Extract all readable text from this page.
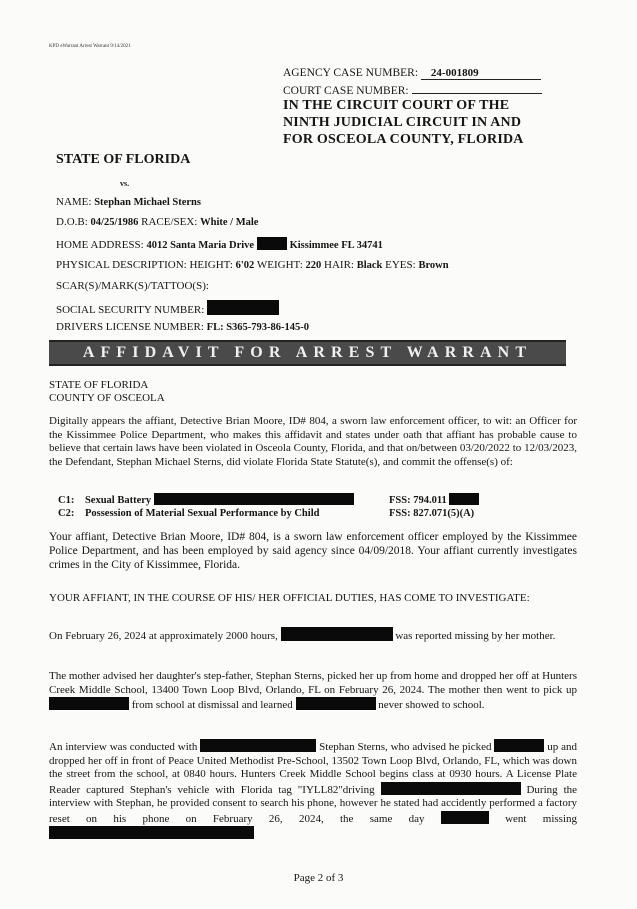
KPD eWarrant Arrest Warrant 9/14/2021
AGENCY CASE NUMBER: 24-001809
COURT CASE NUMBER:
IN THE CIRCUIT COURT OF THE
NINTH JUDICIAL CIRCUIT IN AND
FOR OSCEOLA COUNTY, FLORIDA
STATE OF FLORIDA
vs.
NAME: Stephan Michael Sterns
D.O.B: 04/25/1986 RACE/SEX: White / Male
HOME ADDRESS: 4012 Santa Maria Drive	Kissimmee FL 34741
PHYSICAL DESCRIPTION: HEIGHT: 6'02 WEIGHT: 220 HAIR: Black EYES: Brown
SCAR(S)/MARK(S)/TATTOO(S):
SOCIAL SECURITY NUMBER:
DRIVERS LICENSE NUMBER: FL: S365-793-86-145-0
AFFIDAVIT FOR ARREST WARRANT
STATE OF FLORIDA
COUNTY OF OSCEOLA
Digitally appears the affiant, Detective Brian Moore, ID# 804, a sworn law enforcement officer, to wit: an Officer for the Kissimmee Police Department, who makes this affidavit and states under oath that affiant has probable cause to believe that certain laws have been violated in Osceola County, Florida, and that on/between 03/20/2022 to 12/03/2023, the Defendant, Stephan Michael Sterns, did violate Florida State Statute(s), and commit the offense(s) of:
C1: Sexual Battery	FSS: 794.011
C2: Possession of Material Sexual Performance by Child	FSS: 827.071(5)(A)
Your affiant, Detective Brian Moore, ID# 804, is a sworn law enforcement officer employed by the Kissimmee Police Department, and has been employed by said agency since 04/09/2018. Your affiant currently investigates crimes in the City of Kissimmee, Florida.
YOUR AFFIANT, IN THE COURSE OF HIS/ HER OFFICIAL DUTIES, HAS COME TO INVESTIGATE:
On February 26, 2024 at approximately 2000 hours,	was reported missing by her mother.
The mother advised her daughter's step-father, Stephan Sterns, picked her up from home and dropped her off at Hunters Creek Middle School, 13400 Town Loop Blvd, Orlando, FL on February 26, 2024. The mother then went to pick up  from school at dismissal and learned	never showed to school.
An interview was conducted with	Stephan Sterns, who advised he picked	up and dropped her off in front of Peace United Methodist Pre-School, 13502 Town Loop Blvd, Orlando, FL, which was down the street from the school, at 0840 hours. Hunters Creek Middle School begins class at 0930 hours. A License Plate Reader captured Stephan's vehicle with Florida tag "IYLL82"driving	During the interview with Stephan, he provided consent to search his phone, however he stated had accidently performed a factory reset on his phone on February 26, 2024, the same day	went missing
Page 2 of 3
